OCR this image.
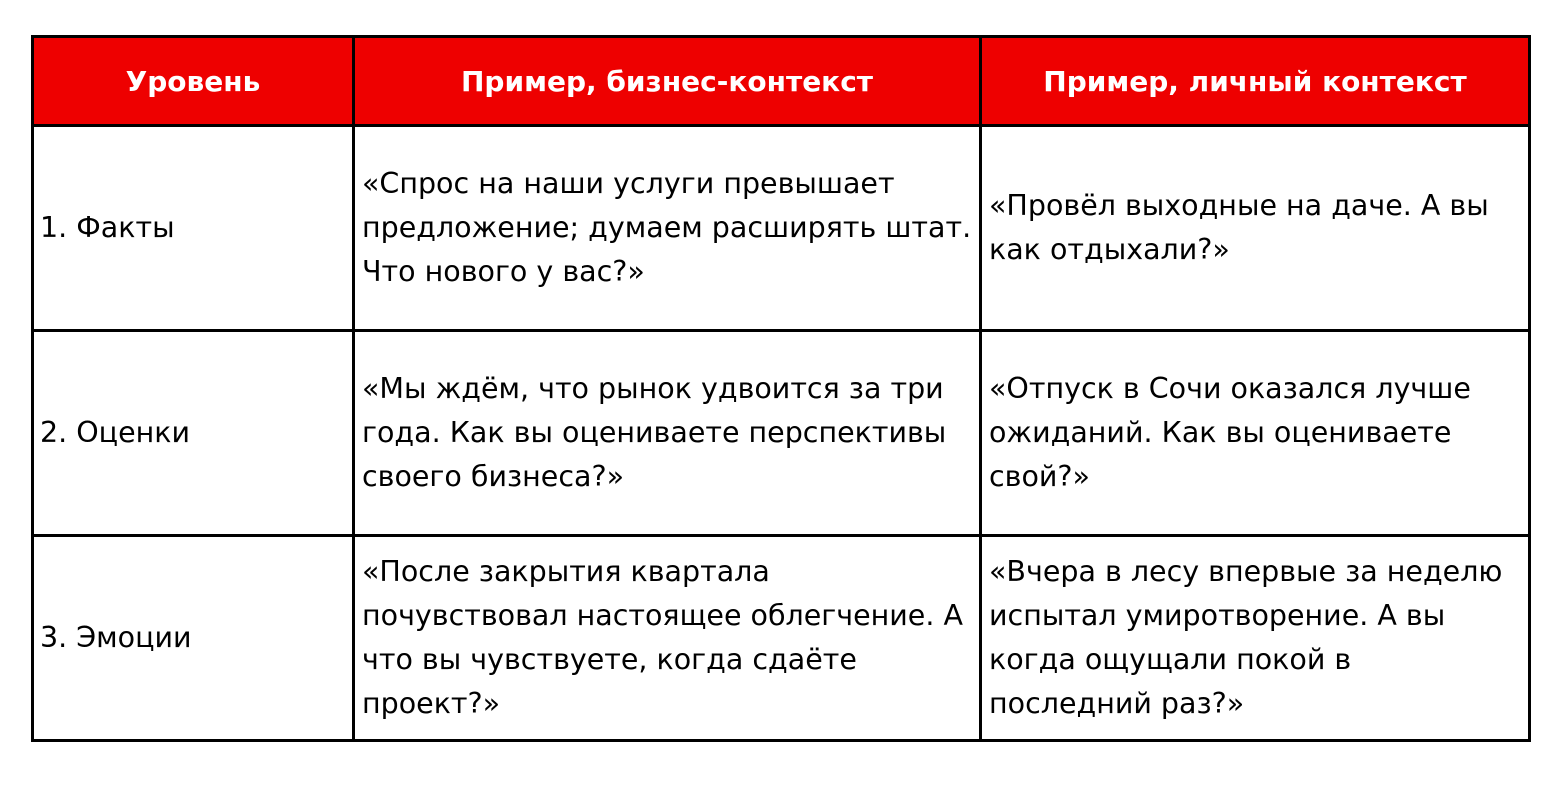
Уровень	Пример, бизнес-контекст	Пример, личный контекст
1. Факты	«Спрос на наши услуги превышает предложение; думаем расширять штат. Что нового у вас?»	«Провёл выходные на даче. А вы как отдыхали?»
2. Оценки	«Мы ждём, что рынок удвоится за три года. Как вы оцениваете перспективы своего бизнеса?»	«Отпуск в Сочи оказался лучше ожиданий. Как вы оцениваете свой?»
3. Эмоции	«После закрытия квартала почувствовал настоящее облегчение. А что вы чувствуете, когда сдаёте проект?»	«Вчера в лесу впервые за неделю испытал умиротворение. А вы когда ощущали покой в последний раз?»
